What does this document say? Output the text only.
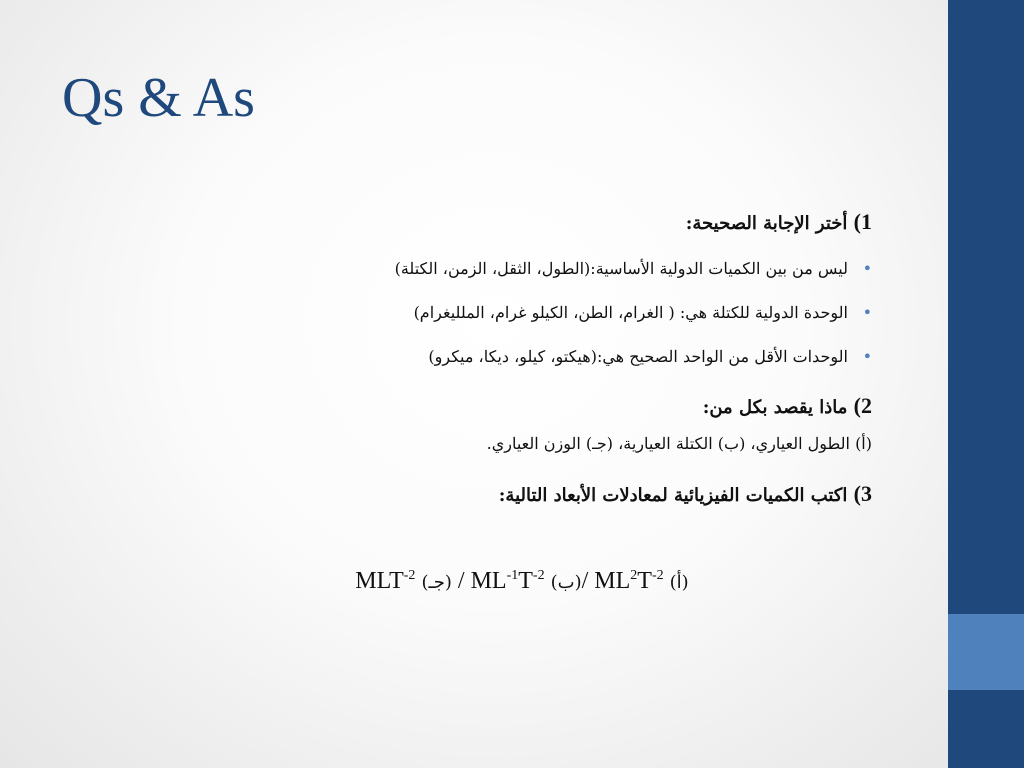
Qs & As

1) أختر الإجابة الصحيحة:

•
ليس من بين الكميات الدولية الأساسية:(الطول، الثقل، الزمن، الكتلة)
•
الوحدة الدولية للكتلة هي: ( الغرام، الطن، الكيلو غرام، الملليغرام)
•
الوحدات الأقل من الواحد الصحيح هي:(هيكتو، كيلو، ديكا، ميكرو)

2) ماذا يقصد بكل من:

(أ) الطول العياري، (ب) الكتلة العيارية، (جـ) الوزن العياري.

3) اكتب الكميات الفيزيائية لمعادلات الأبعاد التالية:

$MLT^{-2}$ (جـ) / $ML^{-1}T^{-2}$ (ب)/ $ML^2T^{-2}$ (أ)
